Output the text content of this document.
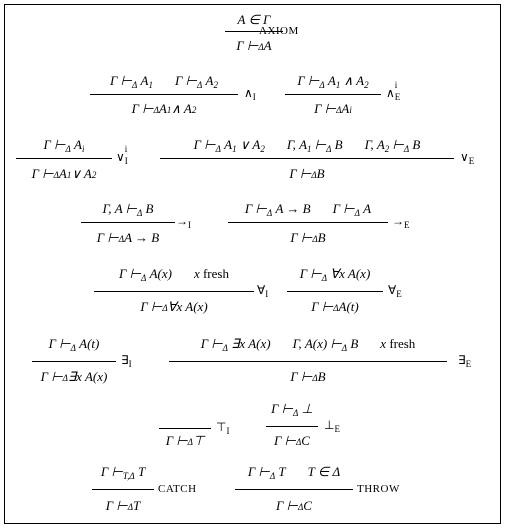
A ∈ Γ
Γ ⊢ Δ A
AXIOM
Γ $⊢_\Delta$ $A_1$ Γ $⊢_\Delta$ $A_2$
Γ ⊢ Δ A 1 ∧ A 2
$\wedge_I$
Γ $⊢_\Delta$ $A_1$ ∧ $A_2$
Γ ⊢ Δ A i
∧
i
$_E$
Γ $⊢_\Delta$ $A_i$
Γ ⊢ Δ A 1 ∨ A 2
∨
i
$_I$
Γ $⊢_\Delta$ $A_1$ ∨ $A_2$ Γ, $A_1$ $⊢_\Delta$ B Γ, $A_2$ $⊢_\Delta$ B
Γ ⊢ Δ B
$\vee_E$
Γ, A $⊢_\Delta$ B
Γ ⊢ Δ A → B
$\to_I$
Γ $⊢_\Delta$ A → B Γ $⊢_\Delta$ A
Γ ⊢ Δ B
$\to_E$
Γ $⊢_\Delta$ A(x) x fresh
Γ ⊢ Δ ∀x A(x)
$\forall_I$
Γ $⊢_\Delta$ ∀x A(x)
Γ ⊢ Δ A(t)
$\forall_E$
Γ $⊢_\Delta$ A(t)
Γ ⊢ Δ ∃x A(x)
$\exists_I$
Γ $⊢_\Delta$ ∃x A(x) Γ, A(x) $⊢_\Delta$ B x fresh
Γ ⊢ Δ B
$\exists_E$
Γ ⊢ Δ ⊤
$⊤_I$
Γ $⊢_\Delta$ ⊥
Γ ⊢ Δ C
$\perp_E$
Γ $⊢_{T,\Delta}$ T
Γ ⊢ Δ T
CATCH
Γ $⊢_\Delta$ T T ∈ Δ
Γ ⊢ Δ C
THROW
